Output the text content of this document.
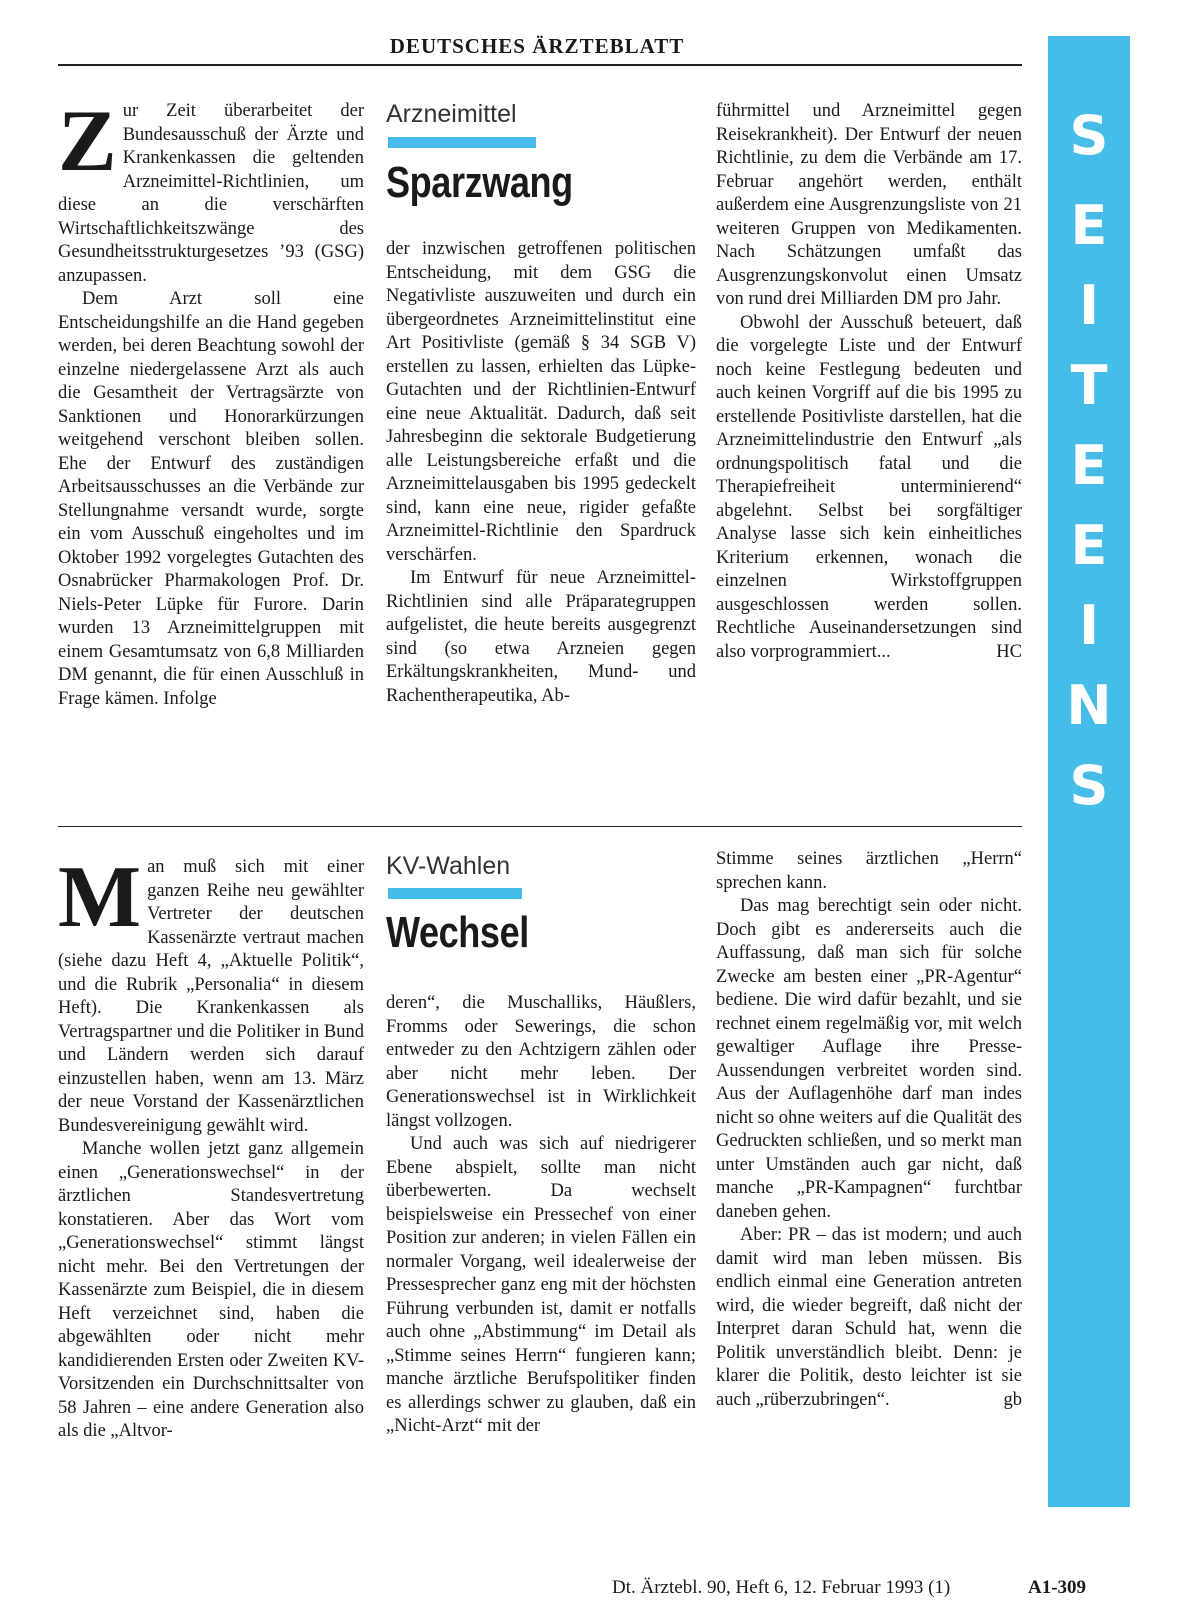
DEUTSCHES ÄRZTEBLATT
S
E
I
T
E
E
I
N
S
Arzneimittel
Sparzwang
Z ur Zeit überarbeitet der Bundesausschuß der Ärzte und Krankenkassen die geltenden Arzneimittel-Richtlinien, um diese an die verschärften Wirtschaftlichkeitszwänge des Gesundheitsstrukturgesetzes ’93 (GSG) anzupassen.

Dem Arzt soll eine Entscheidungshilfe an die Hand gegeben werden, bei deren Beachtung sowohl der einzelne niedergelassene Arzt als auch die Gesamtheit der Vertragsärzte von Sanktionen und Honorarkürzungen weitgehend verschont bleiben sollen. Ehe der Entwurf des zuständigen Arbeitsausschusses an die Verbände zur Stellungnahme versandt wurde, sorgte ein vom Ausschuß eingeholtes und im Oktober 1992 vorgelegtes Gutachten des Osnabrücker Pharmakologen Prof. Dr. Niels-Peter Lüpke für Furore. Darin wurden 13 Arzneimittelgruppen mit einem Gesamtumsatz von 6,8 Milliarden DM genannt, die für einen Ausschluß in Frage kämen. Infolge

der inzwischen getroffenen politischen Entscheidung, mit dem GSG die Negativliste auszuweiten und durch ein übergeordnetes Arzneimittelinstitut eine Art Positivliste (gemäß § 34 SGB V) erstellen zu lassen, erhielten das Lüpke-Gutachten und der Richtlinien-Entwurf eine neue Aktualität. Dadurch, daß seit Jahresbeginn die sektorale Budgetierung alle Leistungsbereiche erfaßt und die Arzneimittelausgaben bis 1995 gedeckelt sind, kann eine neue, rigider gefaßte Arzneimittel-Richtlinie den Spardruck verschärfen.

Im Entwurf für neue Arzneimittel-Richtlinien sind alle Präparategruppen aufgelistet, die heute bereits ausgegrenzt sind (so etwa Arzneien gegen Erkältungskrankheiten, Mund- und Rachentherapeutika, Ab-

führmittel und Arzneimittel gegen Reisekrankheit). Der Entwurf der neuen Richtlinie, zu dem die Verbände am 17. Februar angehört werden, enthält außerdem eine Ausgrenzungsliste von 21 weiteren Gruppen von Medikamenten. Nach Schätzungen umfaßt das Ausgrenzungskonvolut einen Umsatz von rund drei Milliarden DM pro Jahr.

Obwohl der Ausschuß beteuert, daß die vorgelegte Liste und der Entwurf noch keine Festlegung bedeuten und auch keinen Vorgriff auf die bis 1995 zu erstellende Positivliste darstellen, hat die Arzneimittelindustrie den Entwurf „als ordnungspolitisch fatal und die Therapiefreiheit unterminierend“ abgelehnt. Selbst bei sorgfältiger Analyse lasse sich kein einheitliches Kriterium erkennen, wonach die einzelnen Wirkstoffgruppen ausgeschlossen werden sollen. Rechtliche Auseinandersetzungen sind also vorprogrammiert...	HC

KV-Wahlen
Wechsel
M an muß sich mit einer ganzen Reihe neu gewählter Vertreter der deutschen Kassenärzte vertraut machen (siehe dazu Heft 4, „Aktuelle Politik“, und die Rubrik „Personalia“ in diesem Heft). Die Krankenkassen als Vertragspartner und die Politiker in Bund und Ländern werden sich darauf einzustellen haben, wenn am 13. März der neue Vorstand der Kassenärztlichen Bundesvereinigung gewählt wird.

Manche wollen jetzt ganz allgemein einen „Generationswechsel“ in der ärztlichen Standesvertretung konstatieren. Aber das Wort vom „Generationswechsel“ stimmt längst nicht mehr. Bei den Vertretungen der Kassenärzte zum Beispiel, die in diesem Heft verzeichnet sind, haben die abgewählten oder nicht mehr kandidierenden Ersten oder Zweiten KV-Vorsitzenden ein Durchschnittsalter von 58 Jahren – eine andere Generation also als die „Altvor-

deren“, die Muschalliks, Häußlers, Fromms oder Sewerings, die schon entweder zu den Achtzigern zählen oder aber nicht mehr leben. Der Generationswechsel ist in Wirklichkeit längst vollzogen.

Und auch was sich auf niedrigerer Ebene abspielt, sollte man nicht überbewerten. Da wechselt beispielsweise ein Pressechef von einer Position zur anderen; in vielen Fällen ein normaler Vorgang, weil idealerweise der Pressesprecher ganz eng mit der höchsten Führung verbunden ist, damit er notfalls auch ohne „Abstimmung“ im Detail als „Stimme seines Herrn“ fungieren kann; manche ärztliche Berufspolitiker finden es allerdings schwer zu glauben, daß ein „Nicht-Arzt“ mit der

Stimme seines ärztlichen „Herrn“ sprechen kann.

Das mag berechtigt sein oder nicht. Doch gibt es andererseits auch die Auffassung, daß man sich für solche Zwecke am besten einer „PR-Agentur“ bediene. Die wird dafür bezahlt, und sie rechnet einem regelmäßig vor, mit welch gewaltiger Auflage ihre Presse-Aussendungen verbreitet worden sind. Aus der Auflagenhöhe darf man indes nicht so ohne weiters auf die Qualität des Gedruckten schließen, und so merkt man unter Umständen auch gar nicht, daß manche „PR-Kampagnen“ furchtbar daneben gehen.

Aber: PR – das ist modern; und auch damit wird man leben müssen. Bis endlich einmal eine Generation antreten wird, die wieder begreift, daß nicht der Interpret daran Schuld hat, wenn die Politik unverständlich bleibt. Denn: je klarer die Politik, desto leichter ist sie auch „rüberzubringen“.	gb

Dt. Ärztebl. 90, Heft 6, 12. Februar 1993 (1)	A1-309
